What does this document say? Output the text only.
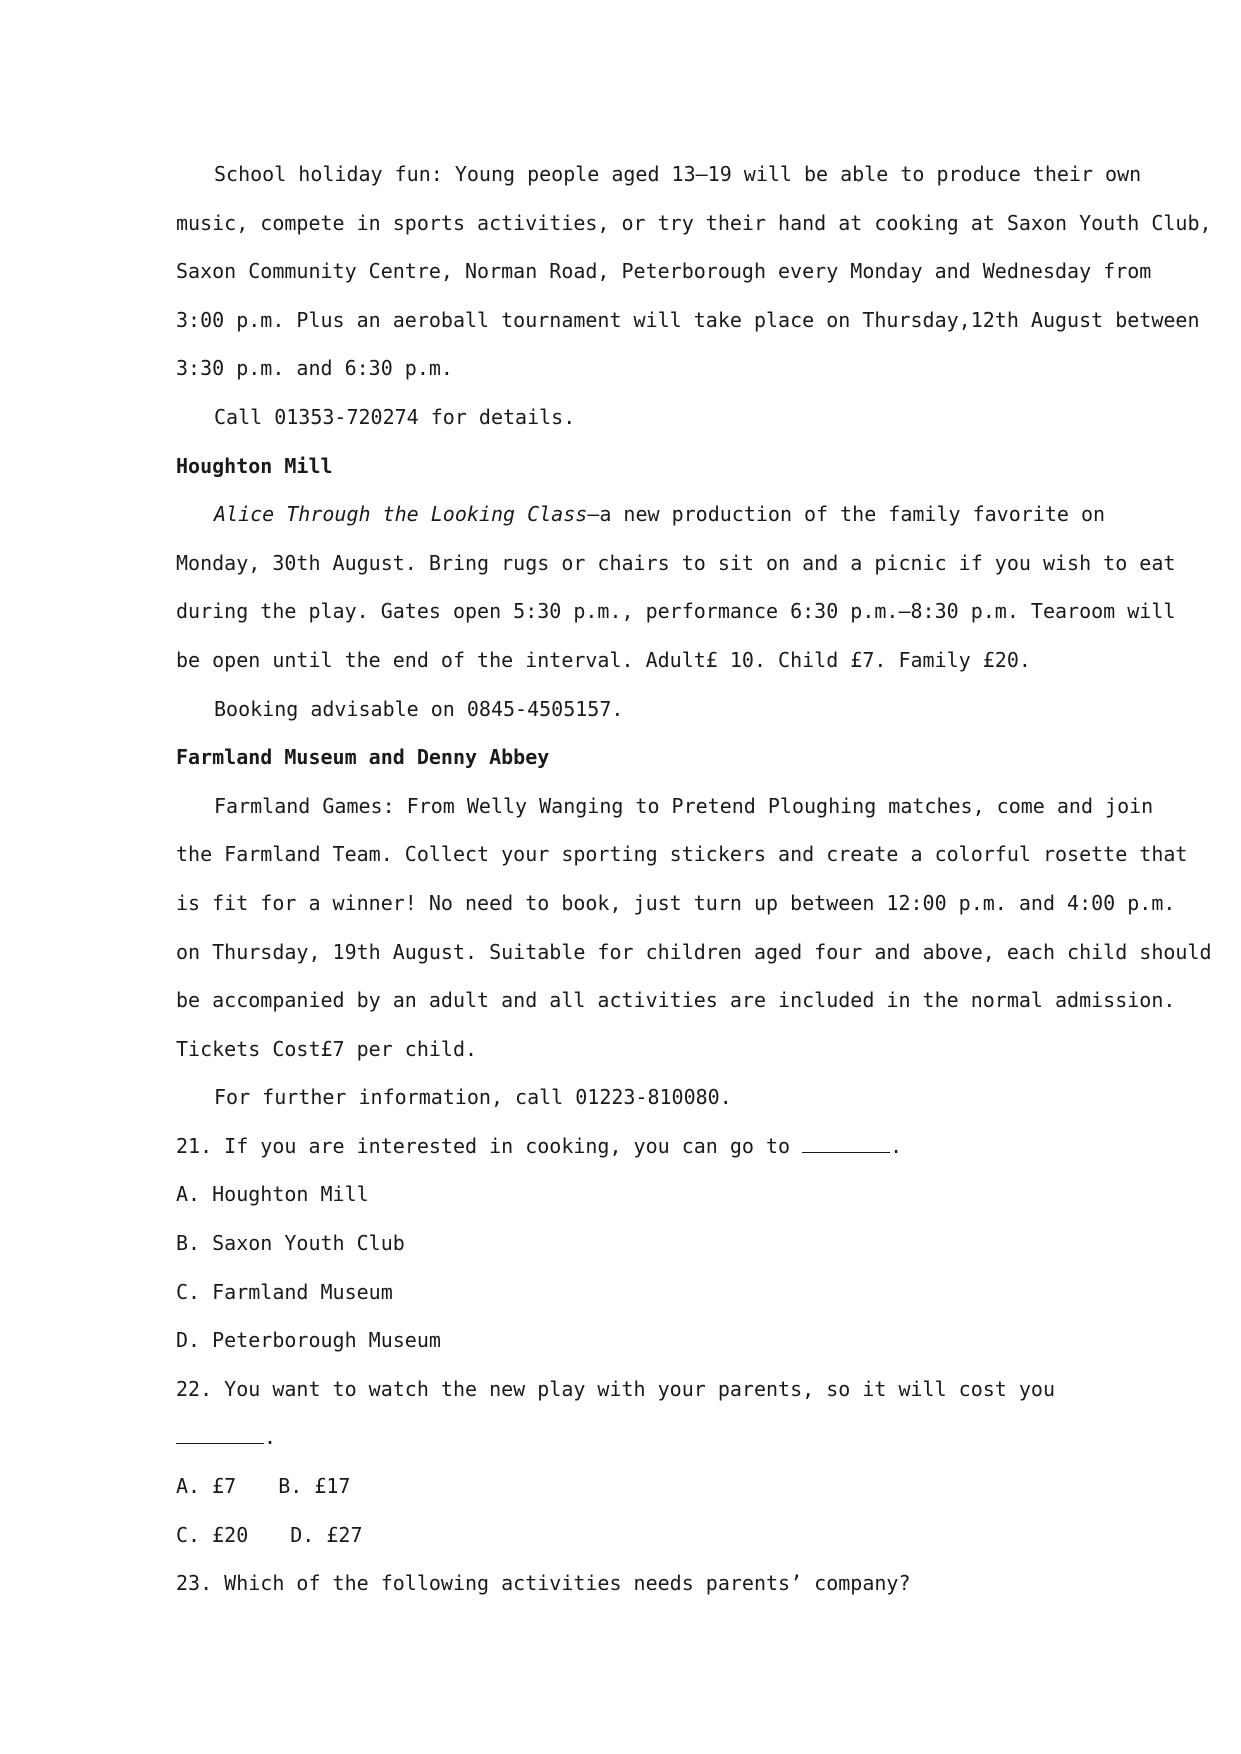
School holiday fun: Young people aged 13—19 will be able to produce their own
music, compete in sports activities, or try their hand at cooking at Saxon Youth Club,
Saxon Community Centre, Norman Road, Peterborough every Monday and Wednesday from
3:00 p.m. Plus an aeroball tournament will take place on Thursday,12th August between
3:30 p.m. and 6:30 p.m.
Call 01353-720274 for details.
Houghton Mill
Alice Through the Looking Class—a new production of the family favorite on
Monday, 30th August. Bring rugs or chairs to sit on and a picnic if you wish to eat
during the play. Gates open 5:30 p.m., performance 6:30 p.m.—8:30 p.m. Tearoom will
be open until the end of the interval. Adult£ 10. Child £7. Family £20.
Booking advisable on 0845-4505157.
Farmland Museum and Denny Abbey
Farmland Games: From Welly Wanging to Pretend Ploughing matches, come and join
the Farmland Team. Collect your sporting stickers and create a colorful rosette that
is fit for a winner! No need to book, just turn up between 12:00 p.m. and 4:00 p.m.
on Thursday, 19th August. Suitable for children aged four and above, each child should
be accompanied by an adult and all activities are included in the normal admission.
Tickets Cost£7 per child.
For further information, call 01223-810080.
21. If you are interested in cooking, you can go to	.
A. Houghton Mill
B. Saxon Youth Club
C. Farmland Museum
D. Peterborough Museum
22. You want to watch the new play with your parents, so it will cost you
.
A. £7 B. £17
C. £20 D. £27
23. Which of the following activities needs parents’ company?
